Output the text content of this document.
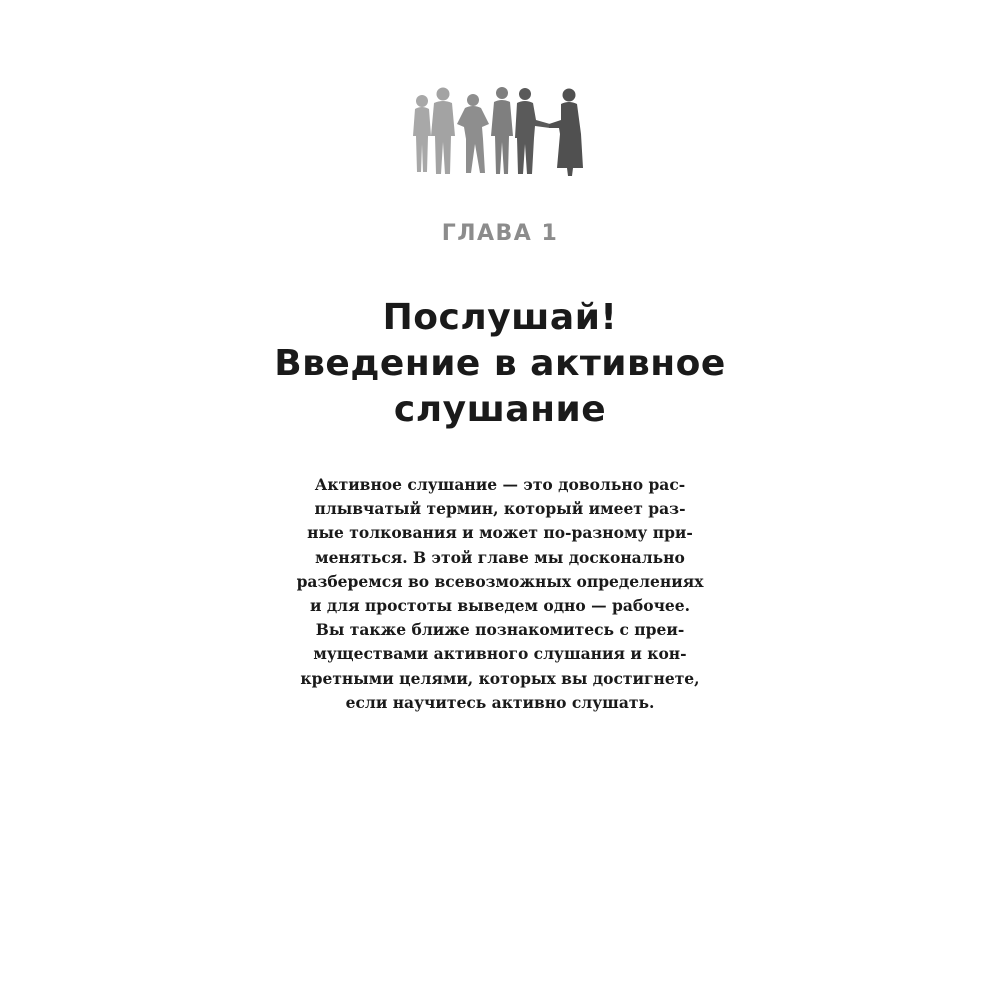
ГЛАВА 1
Послушай!
Введение в активное
слушание
Активное слушание — это довольно рас-
плывчатый термин, который имеет раз-
ные толкования и может по-разному при-
меняться. В этой главе мы досконально
разберемся во всевозможных определениях
и для простоты выведем одно — рабочее.
Вы также ближе познакомитесь с преи-
муществами активного слушания и кон-
кретными целями, которых вы достигнете,
если научитесь активно слушать.
